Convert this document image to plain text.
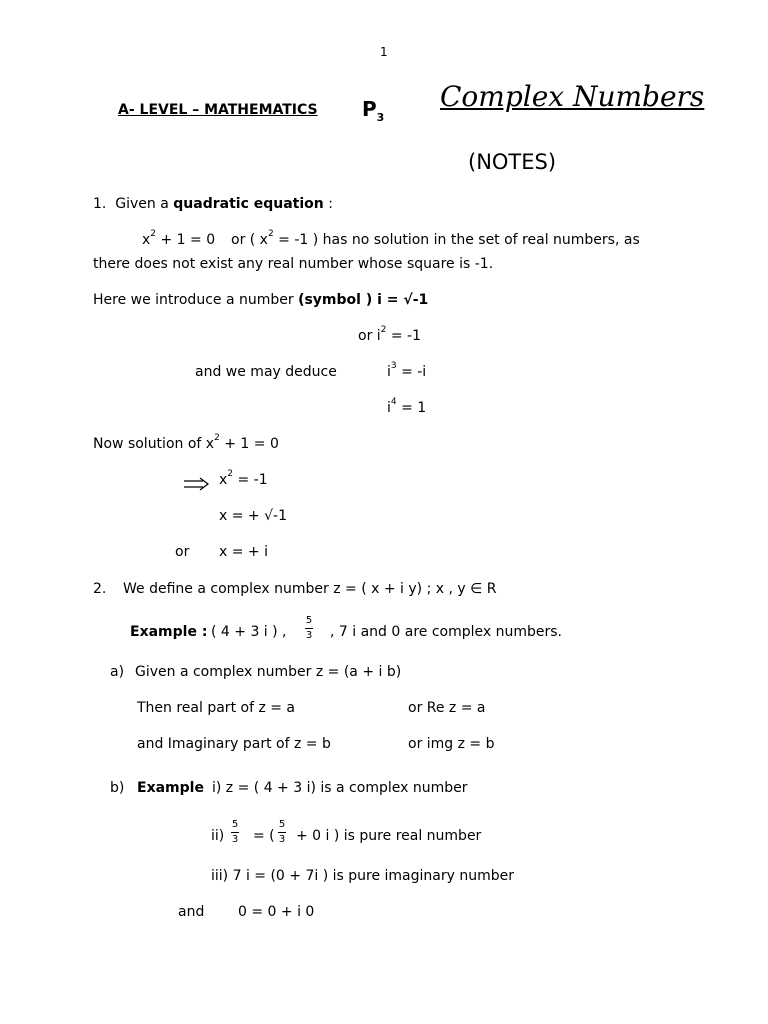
1
A- LEVEL – MATHEMATICS $P_3$
Complex Numbers
(NOTES)
1. Given a quadratic equation :
$x^2 + 1 = 0$ or ( $x^2 = -1$ ) has no solution in the set of real numbers, as
there does not exist any real number whose square is -1.
Here we introduce a number (symbol ) i = √-1
or $i^2 = -1$
and we may deduce	$i^3 = -i$
$i^4 = 1$
Now solution of $x^2 + 1 = 0$
$x^2 = -1$
x = + √-1
or x = + i
2. We define a complex number z = ( x + i y) ; x , y ∈ R
Example : ( 4 + 3 i ) ,
5
3 , 7 i and 0 are complex numbers.
a) Given a complex number z = (a + i b)
Then real part of z = a	or Re z = a
and Imaginary part of z = b	or img z = b
b) Example i) z = ( 4 + 3 i) is a complex number
ii)
5
3 = (
5
3 + 0 i ) is pure real number
iii) 7 i = (0 + 7i ) is pure imaginary number
and 0 = 0 + i 0
